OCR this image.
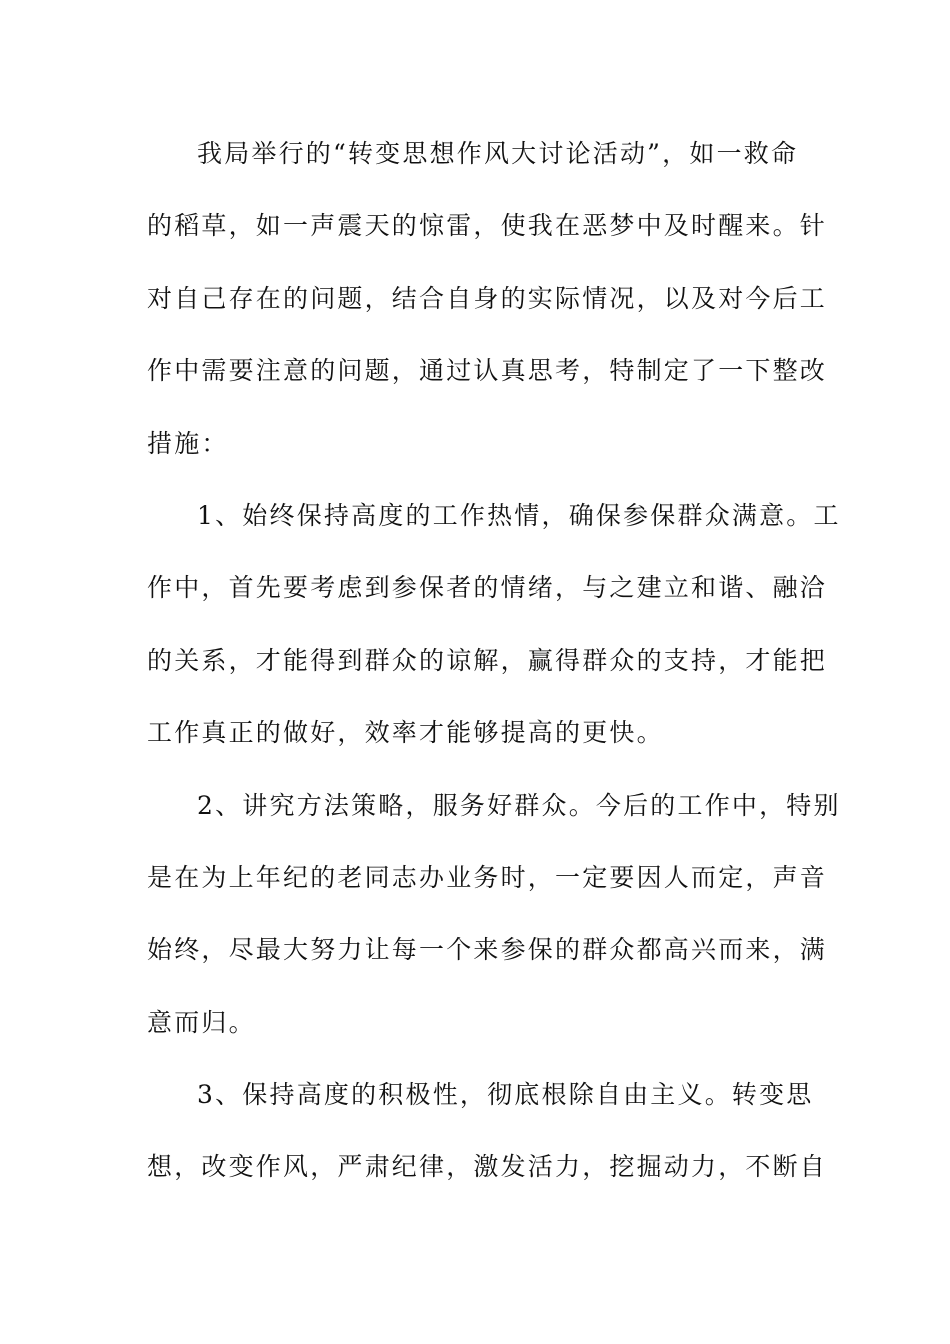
我局举行的“转变思想作风大讨论活动”，如一救命
的稻草，如一声震天的惊雷，使我在恶梦中及时醒来。针
对自己存在的问题，结合自身的实际情况，以及对今后工
作中需要注意的问题，通过认真思考，特制定了一下整改
措施：
1、始终保持高度的工作热情，确保参保群众满意。工
作中，首先要考虑到参保者的情绪，与之建立和谐、融洽
的关系，才能得到群众的谅解，赢得群众的支持，才能把
工作真正的做好，效率才能够提高的更快。
2、讲究方法策略，服务好群众。今后的工作中，特别
是在为上年纪的老同志办业务时，一定要因人而定，声音
始终，尽最大努力让每一个来参保的群众都高兴而来，满
意而归。
3、保持高度的积极性，彻底根除自由主义。转变思
想，改变作风，严肃纪律，激发活力，挖掘动力，不断自
